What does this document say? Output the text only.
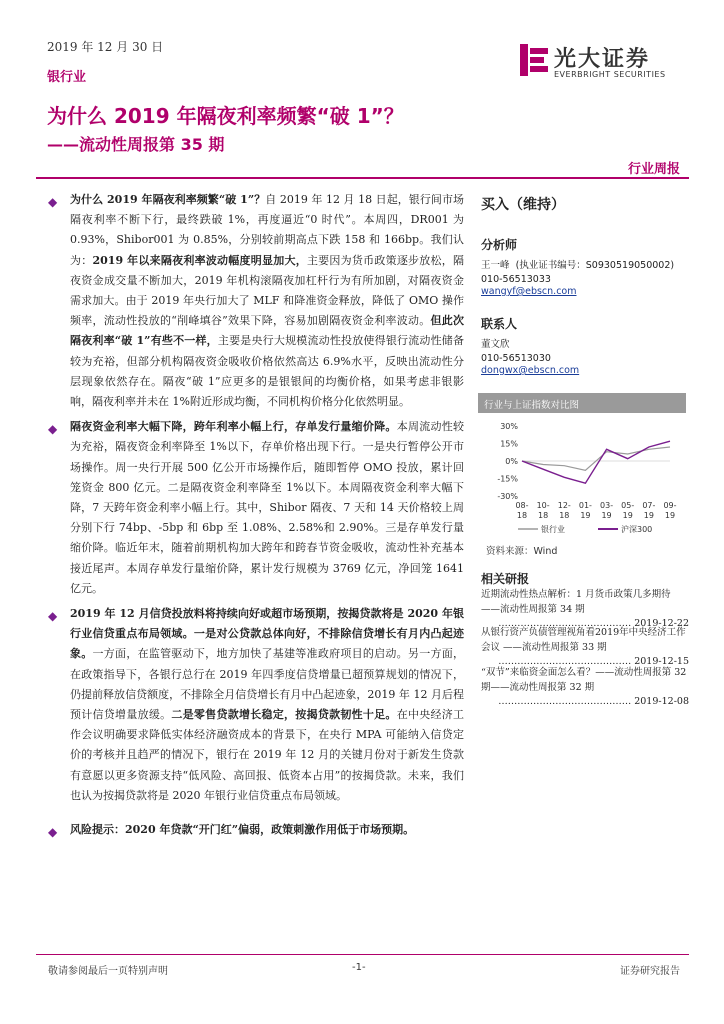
2019 年 12 月 30 日
银行业
为什么 2019 年隔夜利率频繁“破 1”？
——流动性周报第 35 期
光大证券
EVERBRIGHT SECURITIES
行业周报
◆ 为什么 2019 年隔夜利率频繁“破 1”？自 2019 年 12 月 18 日起，银行间市场隔夜利率不断下行，最终跌破 1%，再度逼近“0 时代”。本周四，DR001 为 0.93%，Shibor001 为 0.85%，分别较前期高点下跌 158 和 166bp。我们认为：2019 年以来隔夜利率波动幅度明显加大，主要因为货币政策逐步放松，隔夜资金成交量不断加大，2019 年机构滚隔夜加杠杆行为有所加剧，对隔夜资金需求加大。由于 2019 年央行加大了 MLF 和降准资金释放，降低了 OMO 操作频率，流动性投放的“削峰填谷”效果下降，容易加剧隔夜资金利率波动。但此次隔夜利率“破 1”有些不一样，主要是央行大规模流动性投放使得银行流动性储备较为充裕，但部分机构隔夜资金吸收价格依然高达 6.9%水平，反映出流动性分层现象依然存在。隔夜“破 1”应更多的是银银间的均衡价格，如果考虑非银影响，隔夜利率并未在 1%附近形成均衡，不同机构价格分化依然明显。
◆ 隔夜资金利率大幅下降，跨年利率小幅上行，存单发行量缩价降。本周流动性较为充裕，隔夜资金利率降至 1%以下，存单价格出现下行。一是央行暂停公开市场操作。周一央行开展 500 亿公开市场操作后，随即暂停 OMO 投放，累计回笼资金 800 亿元。二是隔夜资金利率降至 1%以下。本周隔夜资金利率大幅下降，7 天跨年资金利率小幅上行。其中，Shibor 隔夜、7 天和 14 天价格较上周分别下行 74bp、-5bp 和 6bp 至 1.08%、2.58%和 2.90%。三是存单发行量缩价降。临近年末，随着前期机构加大跨年和跨春节资金吸收，流动性补充基本接近尾声。本周存单发行量缩价降，累计发行规模为 3769 亿元，净回笼 1641 亿元。
◆ 2019 年 12 月信贷投放料将持续向好或超市场预期，按揭贷款将是 2020 年银行业信贷重点布局领域。一是对公贷款总体向好，不排除信贷增长有月内凸起迹象。一方面，在监管驱动下，地方加快了基建等准政府项目的启动。另一方面，在政策指导下，各银行总行在 2019 年四季度信贷增量已超预算规划的情况下，仍提前释放信贷额度，不排除全月信贷增长有月中凸起迹象，2019 年 12 月后程预计信贷增量放缓。二是零售贷款增长稳定，按揭贷款韧性十足。在中央经济工作会议明确要求降低实体经济融资成本的背景下，在央行 MPA 可能纳入信贷定价的考核并且趋严的情况下，银行在 2019 年 12 月的关键月份对于新发生贷款有意愿以更多资源支持“低风险、高回报、低资本占用”的按揭贷款。未来，我们也认为按揭贷款将是 2020 年银行业信贷重点布局领域。
◆ 风险提示：2020 年贷款“开门红”偏弱，政策刺激作用低于市场预期。
买入（维持）
分析师
王一峰 (执业证书编号：S0930519050002)
010-56513033
wangyf@ebscn.com
联系人
董文欣
010-56513030
dongwx@ebscn.com
行业与上证指数对比图
30%
15%
0%
-15%
-30%
08-
18
10-
18
12-
18
01-
19
03-
19
05-
19
07-
19
09-
19
银行业	沪深300
资料来源：Wind
相关研报
近期流动性热点解析：1 月货币政策几多期待——流动性周报第 34 期
…………………………………… 2019-12-22
从银行资产负债管理视角看2019年中央经济工作会议 ——流动性周报第 33 期
…………………………………… 2019-12-15
“双节”来临资金面怎么看？——流动性周报第 32 期——流动性周报第 32 期
…………………………………… 2019-12-08
敬请参阅最后一页特别声明	-1-	证券研究报告
